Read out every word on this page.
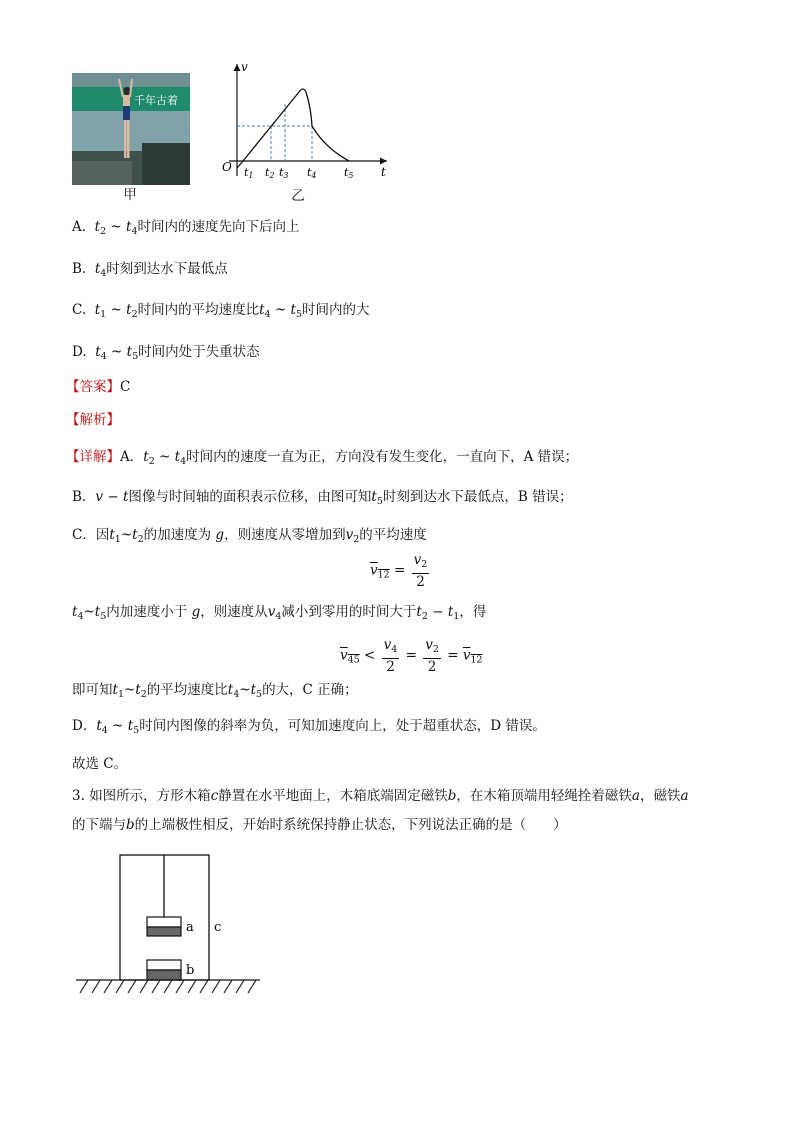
千年古着
甲
v
t
O t1 t2 t3 t4 t5
乙
A. $t_2$ ~ $t_4$时间内的速度先向下后向上
B. $t_4$时刻到达水下最低点
C. $t_1$ ~ $t_2$时间内的平均速度比$t_4$ ~ $t_5$时间内的大
D. $t_4$ ~ $t_5$时间内处于失重状态
【答案】C
【解析】
【详解】A．$t_2$ ~ $t_4$时间内的速度一直为正，方向没有发生变化，一直向下，A 错误；
B．v − t图像与时间轴的面积表示位移，由图可知$t_5$时刻到达水下最低点，B 错误；
C．因$t_1\sim t_2$的加速度为 g，则速度从零增加到$v_2$的平均速度
$\overline{v}_{12} = \frac{v_2}{2}$
$t_4\sim t_5$内加速度小于 g，则速度从$v_4$减小到零用的时间大于$t_2 - t_1$，得
$\overline{v}_{45} < \frac{v_4}{2} = \frac{v_2}{2} = \overline{v}_{12}$
即可知$t_1\sim t_2$的平均速度比$t_4\sim t_5$的大，C 正确；
D．$t_4$ ~ $t_5$时间内图像的斜率为负，可知加速度向上，处于超重状态，D 错误。
故选 C。
3. 如图所示，方形木箱c静置在水平地面上，木箱底端固定磁铁b，在木箱顶端用轻绳拴着磁铁a，磁铁a
的下端与b的上端极性相反，开始时系统保持静止状态，下列说法正确的是（　　）
a
b
c
